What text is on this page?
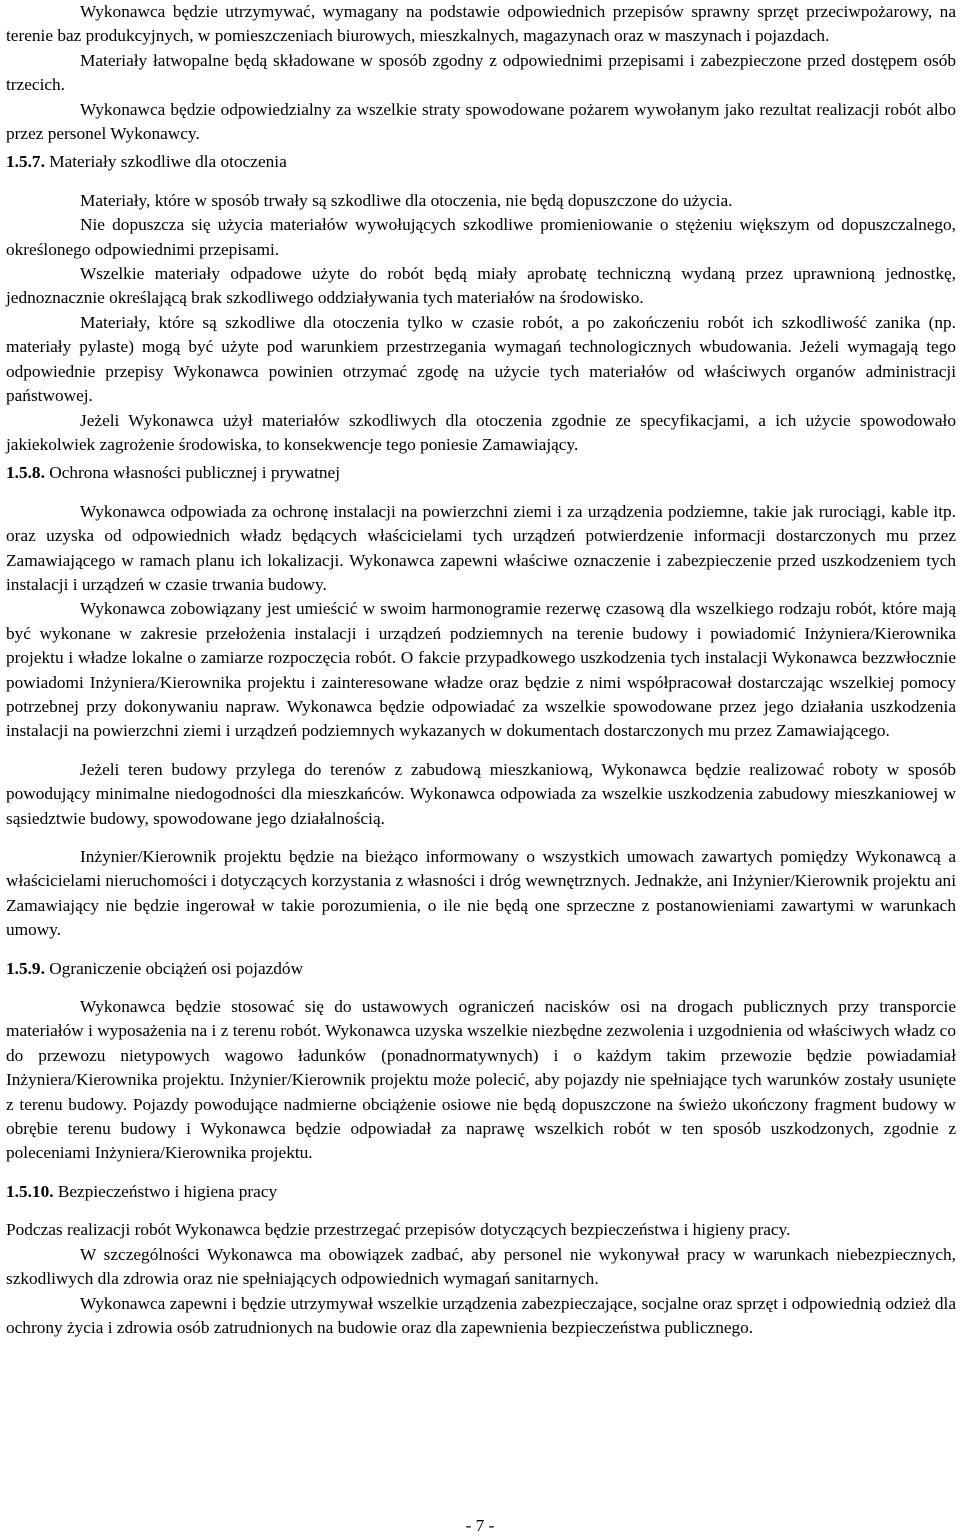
Wykonawca będzie utrzymywać, wymagany na podstawie odpowiednich przepisów sprawny sprzęt przeciwpożarowy, na terenie baz produkcyjnych, w pomieszczeniach biurowych, mieszkalnych, magazynach oraz w maszynach i pojazdach.

Materiały łatwopalne będą składowane w sposób zgodny z odpowiednimi przepisami i zabezpieczone przed dostępem osób trzecich.

Wykonawca będzie odpowiedzialny za wszelkie straty spowodowane pożarem wywołanym jako rezultat realizacji robót albo przez personel Wykonawcy.

1.5.7. Materiały szkodliwe dla otoczenia

Materiały, które w sposób trwały są szkodliwe dla otoczenia, nie będą dopuszczone do użycia.

Nie dopuszcza się użycia materiałów wywołujących szkodliwe promieniowanie o stężeniu większym od dopuszczalnego, określonego odpowiednimi przepisami.

Wszelkie materiały odpadowe użyte do robót będą miały aprobatę techniczną wydaną przez uprawnioną jednostkę, jednoznacznie określającą brak szkodliwego oddziaływania tych materiałów na środowisko.

Materiały, które są szkodliwe dla otoczenia tylko w czasie robót, a po zakończeniu robót ich szkodliwość zanika (np. materiały pylaste) mogą być użyte pod warunkiem przestrzegania wymagań technologicznych wbudowania. Jeżeli wymagają tego odpowiednie przepisy Wykonawca powinien otrzymać zgodę na użycie tych materiałów od właściwych organów administracji państwowej.

Jeżeli Wykonawca użył materiałów szkodliwych dla otoczenia zgodnie ze specyfikacjami, a ich użycie spowodowało jakiekolwiek zagrożenie środowiska, to konsekwencje tego poniesie Zamawiający.

1.5.8. Ochrona własności publicznej i prywatnej

Wykonawca odpowiada za ochronę instalacji na powierzchni ziemi i za urządzenia podziemne, takie jak rurociągi, kable itp. oraz uzyska od odpowiednich władz będących właścicielami tych urządzeń potwierdzenie informacji dostarczonych mu przez Zamawiającego w ramach planu ich lokalizacji. Wykonawca zapewni właściwe oznaczenie i zabezpieczenie przed uszkodzeniem tych instalacji i urządzeń w czasie trwania budowy.

Wykonawca zobowiązany jest umieścić w swoim harmonogramie rezerwę czasową dla wszelkiego rodzaju robót, które mają być wykonane w zakresie przełożenia instalacji i urządzeń podziemnych na terenie budowy i powiadomić Inżyniera/Kierownika projektu i władze lokalne o zamiarze rozpoczęcia robót. O fakcie przypadkowego uszkodzenia tych instalacji Wykonawca bezzwłocznie powiadomi Inżyniera/Kierownika projektu i zainteresowane władze oraz będzie z nimi współpracował dostarczając wszelkiej pomocy potrzebnej przy dokonywaniu napraw. Wykonawca będzie odpowiadać za wszelkie spowodowane przez jego działania uszkodzenia instalacji na powierzchni ziemi i urządzeń podziemnych wykazanych w dokumentach dostarczonych mu przez Zamawiającego.

Jeżeli teren budowy przylega do terenów z zabudową mieszkaniową, Wykonawca będzie realizować roboty w sposób powodujący minimalne niedogodności dla mieszkańców. Wykonawca odpowiada za wszelkie uszkodzenia zabudowy mieszkaniowej w sąsiedztwie budowy, spowodowane jego działalnością.

Inżynier/Kierownik projektu będzie na bieżąco informowany o wszystkich umowach zawartych pomiędzy Wykonawcą a właścicielami nieruchomości i dotyczących korzystania z własności i dróg wewnętrznych. Jednakże, ani Inżynier/Kierownik projektu ani Zamawiający nie będzie ingerował w takie porozumienia, o ile nie będą one sprzeczne z postanowieniami zawartymi w warunkach umowy.

1.5.9. Ograniczenie obciążeń osi pojazdów

Wykonawca będzie stosować się do ustawowych ograniczeń nacisków osi na drogach publicznych przy transporcie materiałów i wyposażenia na i z terenu robót. Wykonawca uzyska wszelkie niezbędne zezwolenia i uzgodnienia od właściwych władz co do przewozu nietypowych wagowo ładunków (ponadnormatywnych) i o każdym takim przewozie będzie powiadamiał Inżyniera/Kierownika projektu. Inżynier/Kierownik projektu może polecić, aby pojazdy nie spełniające tych warunków zostały usunięte z terenu budowy. Pojazdy powodujące nadmierne obciążenie osiowe nie będą dopuszczone na świeżo ukończony fragment budowy w obrębie terenu budowy i Wykonawca będzie odpowiadał za naprawę wszelkich robót w ten sposób uszkodzonych, zgodnie z poleceniami Inżyniera/Kierownika projektu.

1.5.10. Bezpieczeństwo i higiena pracy

Podczas realizacji robót Wykonawca będzie przestrzegać przepisów dotyczących bezpieczeństwa i higieny pracy.

W szczególności Wykonawca ma obowiązek zadbać, aby personel nie wykonywał pracy w warunkach niebezpiecznych, szkodliwych dla zdrowia oraz nie spełniających odpowiednich wymagań sanitarnych.

Wykonawca zapewni i będzie utrzymywał wszelkie urządzenia zabezpieczające, socjalne oraz sprzęt i odpowiednią odzież dla ochrony życia i zdrowia osób zatrudnionych na budowie oraz dla zapewnienia bezpieczeństwa publicznego.

- 7 -
